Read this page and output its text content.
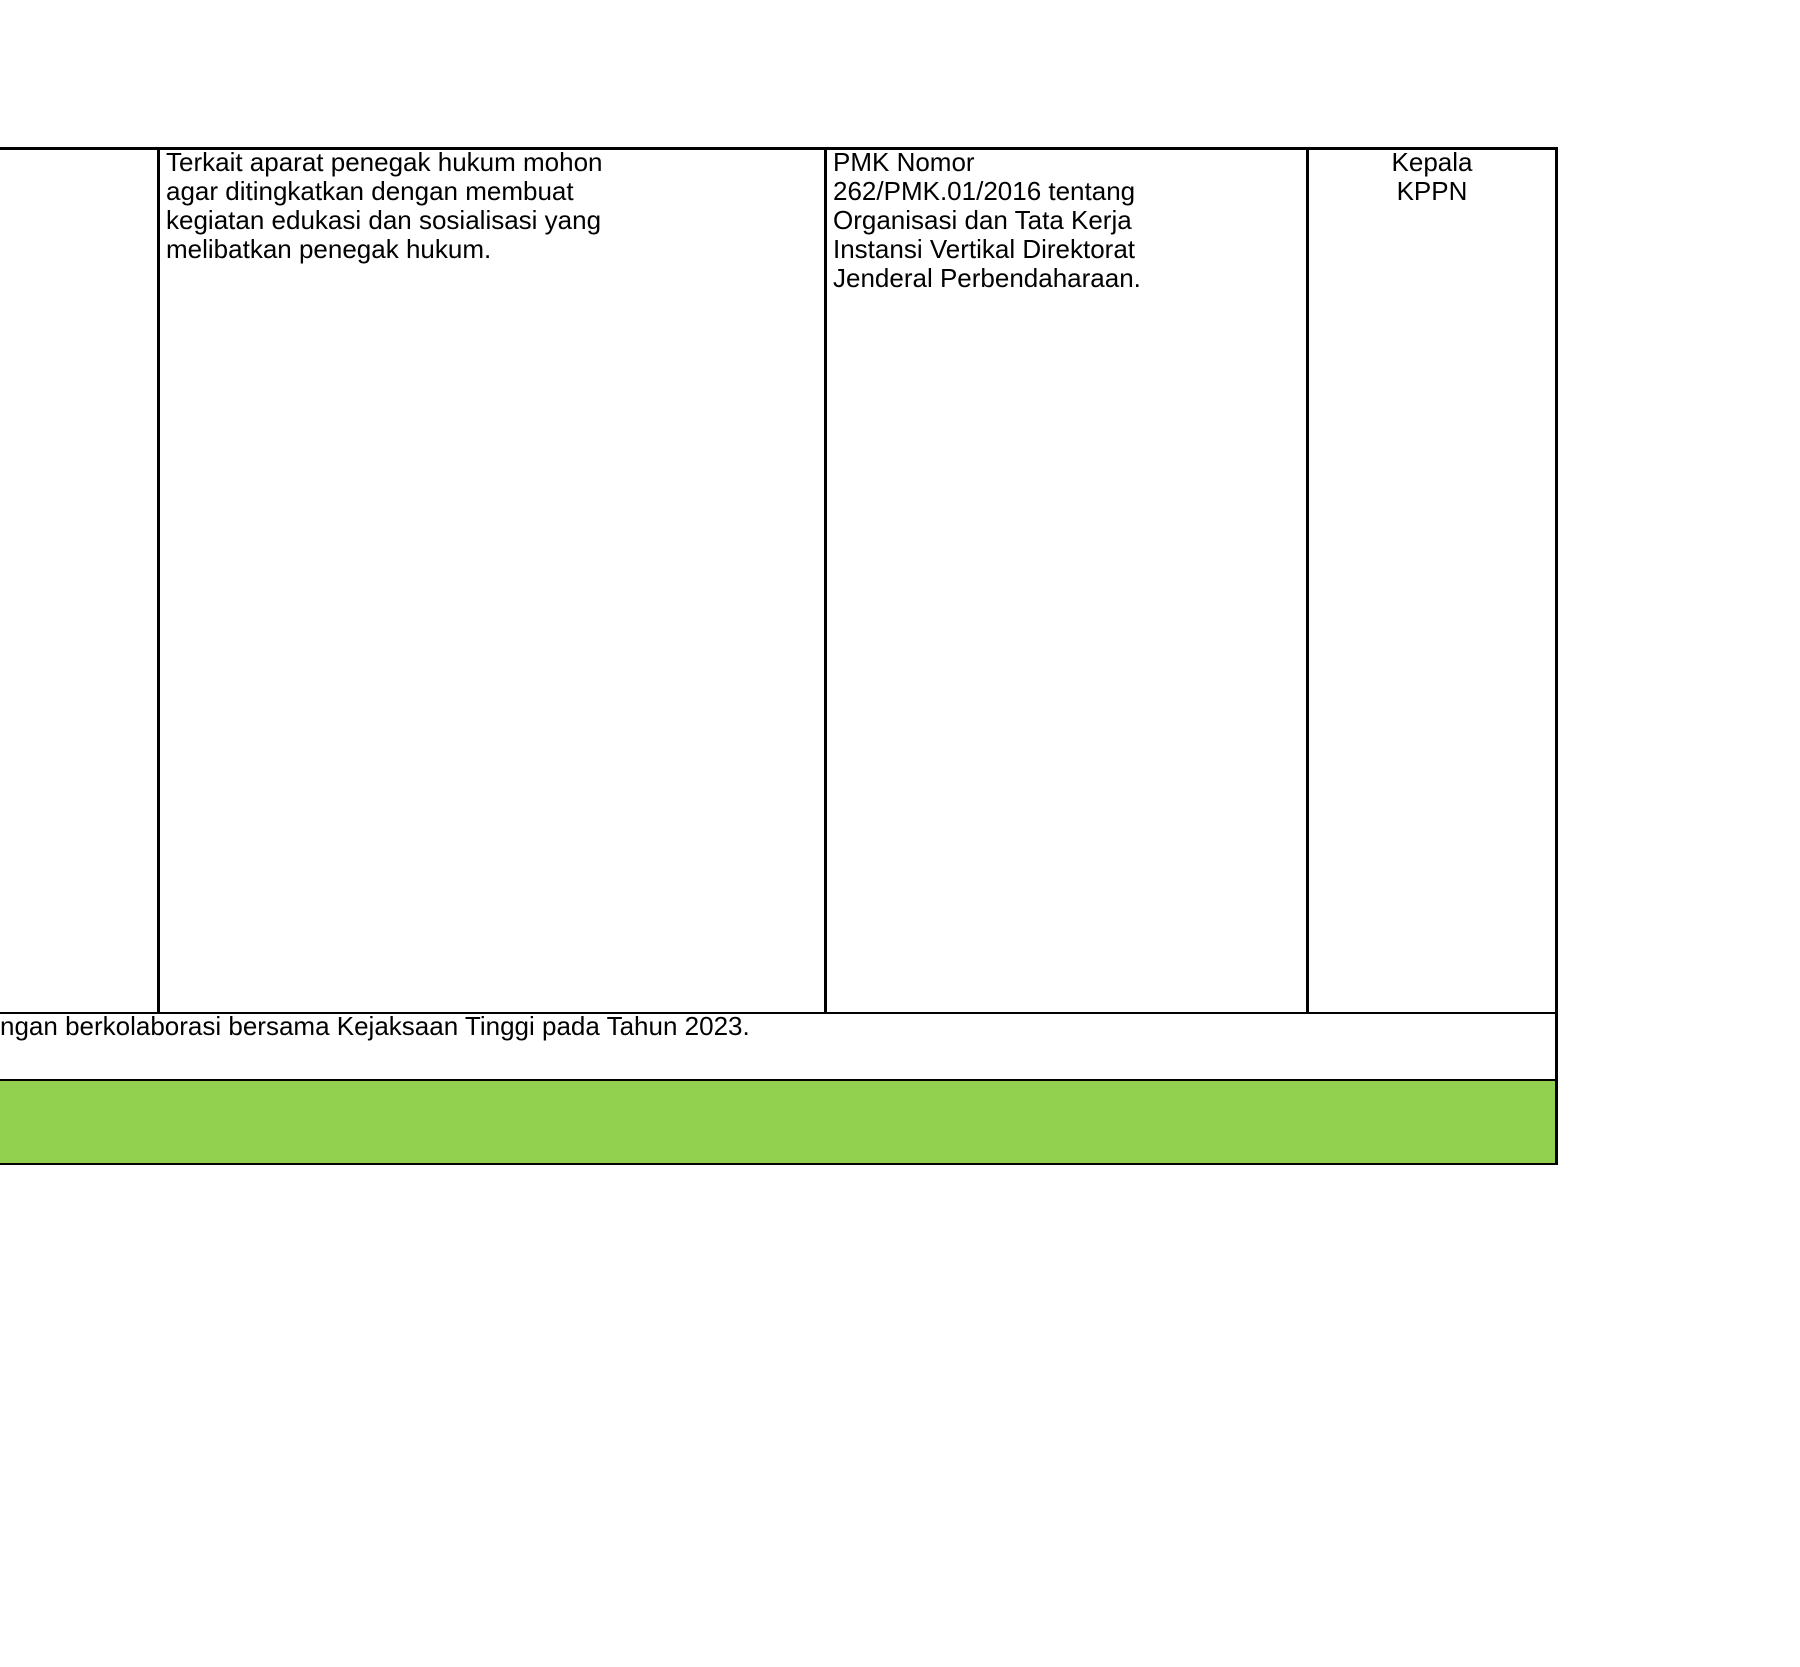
Terkait aparat penegak hukum mohon
agar ditingkatkan dengan membuat
kegiatan edukasi dan sosialisasi yang
melibatkan penegak hukum.
PMK Nomor
262/PMK.01/2016 tentang
Organisasi dan Tata Kerja
Instansi Vertikal Direktorat
Jenderal Perbendaharaan.
Kepala
KPPN
ngan berkolaborasi bersama Kejaksaan Tinggi pada Tahun 2023.
